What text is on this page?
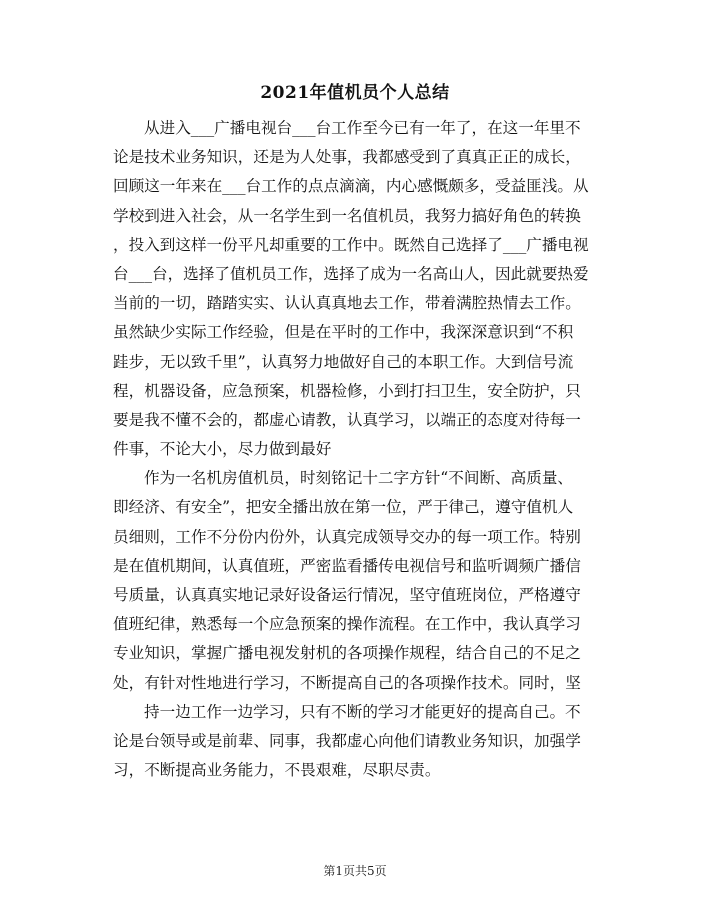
2021年值机员个人总结
从进入___广播电视台___台工作至今已有一年了，在这一年里不
论是技术业务知识，还是为人处事，我都感受到了真真正正的成长，
回顾这一年来在___台工作的点点滴滴，内心感慨颇多，受益匪浅。从
学校到进入社会，从一名学生到一名值机员，我努力搞好角色的转换
，投入到这样一份平凡却重要的工作中。既然自己选择了___广播电视
台___台，选择了值机员工作，选择了成为一名高山人，因此就要热爱
当前的一切，踏踏实实、认认真真地去工作，带着满腔热情去工作。
虽然缺少实际工作经验，但是在平时的工作中，我深深意识到“不积
跬步，无以致千里”，认真努力地做好自己的本职工作。大到信号流
程，机器设备，应急预案，机器检修，小到打扫卫生，安全防护，只
要是我不懂不会的，都虚心请教，认真学习，以端正的态度对待每一
件事，不论大小，尽力做到最好
作为一名机房值机员，时刻铭记十二字方针“不间断、高质量、
即经济、有安全”，把安全播出放在第一位，严于律己，遵守值机人
员细则，工作不分份内份外，认真完成领导交办的每一项工作。特别
是在值机期间，认真值班，严密监看播传电视信号和监听调频广播信
号质量，认真真实地记录好设备运行情况，坚守值班岗位，严格遵守
值班纪律，熟悉每一个应急预案的操作流程。在工作中，我认真学习
专业知识，掌握广播电视发射机的各项操作规程，结合自己的不足之
处，有针对性地进行学习，不断提高自己的各项操作技术。同时，坚
持一边工作一边学习，只有不断的学习才能更好的提高自己。不
论是台领导或是前辈、同事，我都虚心向他们请教业务知识，加强学
习，不断提高业务能力，不畏艰难，尽职尽责。
第1页共5页
